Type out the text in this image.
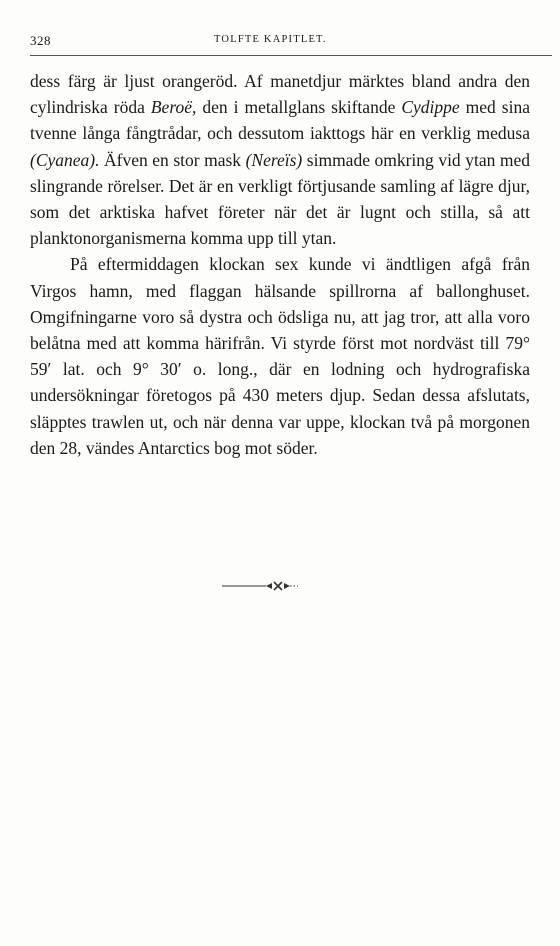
328	TOLFTE KAPITLET.

dess färg är ljust orangeröd. Af manetdjur märktes bland andra den cylindriska röda Beroë, den i metallglans skiftande Cydippe med sina tvenne långa fångtrådar, och dessutom iakttogs här en verklig medusa (Cyanea). Äfven en stor mask (Nereïs) simmade omkring vid ytan med slingrande rörelser. Det är en verkligt förtjusande samling af lägre djur, som det arktiska hafvet företer när det är lugnt och stilla, så att planktonorganismerna komma upp till ytan.

På eftermiddagen klockan sex kunde vi ändtligen afgå från Virgos hamn, med flaggan hälsande spillrorna af ballonghuset. Omgifningarne voro så dystra och ödsliga nu, att jag tror, att alla voro belåtna med att komma härifrån. Vi styrde först mot nordväst till 79° 59′ lat. och 9° 30′ o. long., där en lodning och hydrografiska undersökningar företogos på 430 meters djup. Sedan dessa afslutats, släpptes trawlen ut, och när denna var uppe, klockan två på morgonen den 28, vändes Antarctics bog mot söder.
